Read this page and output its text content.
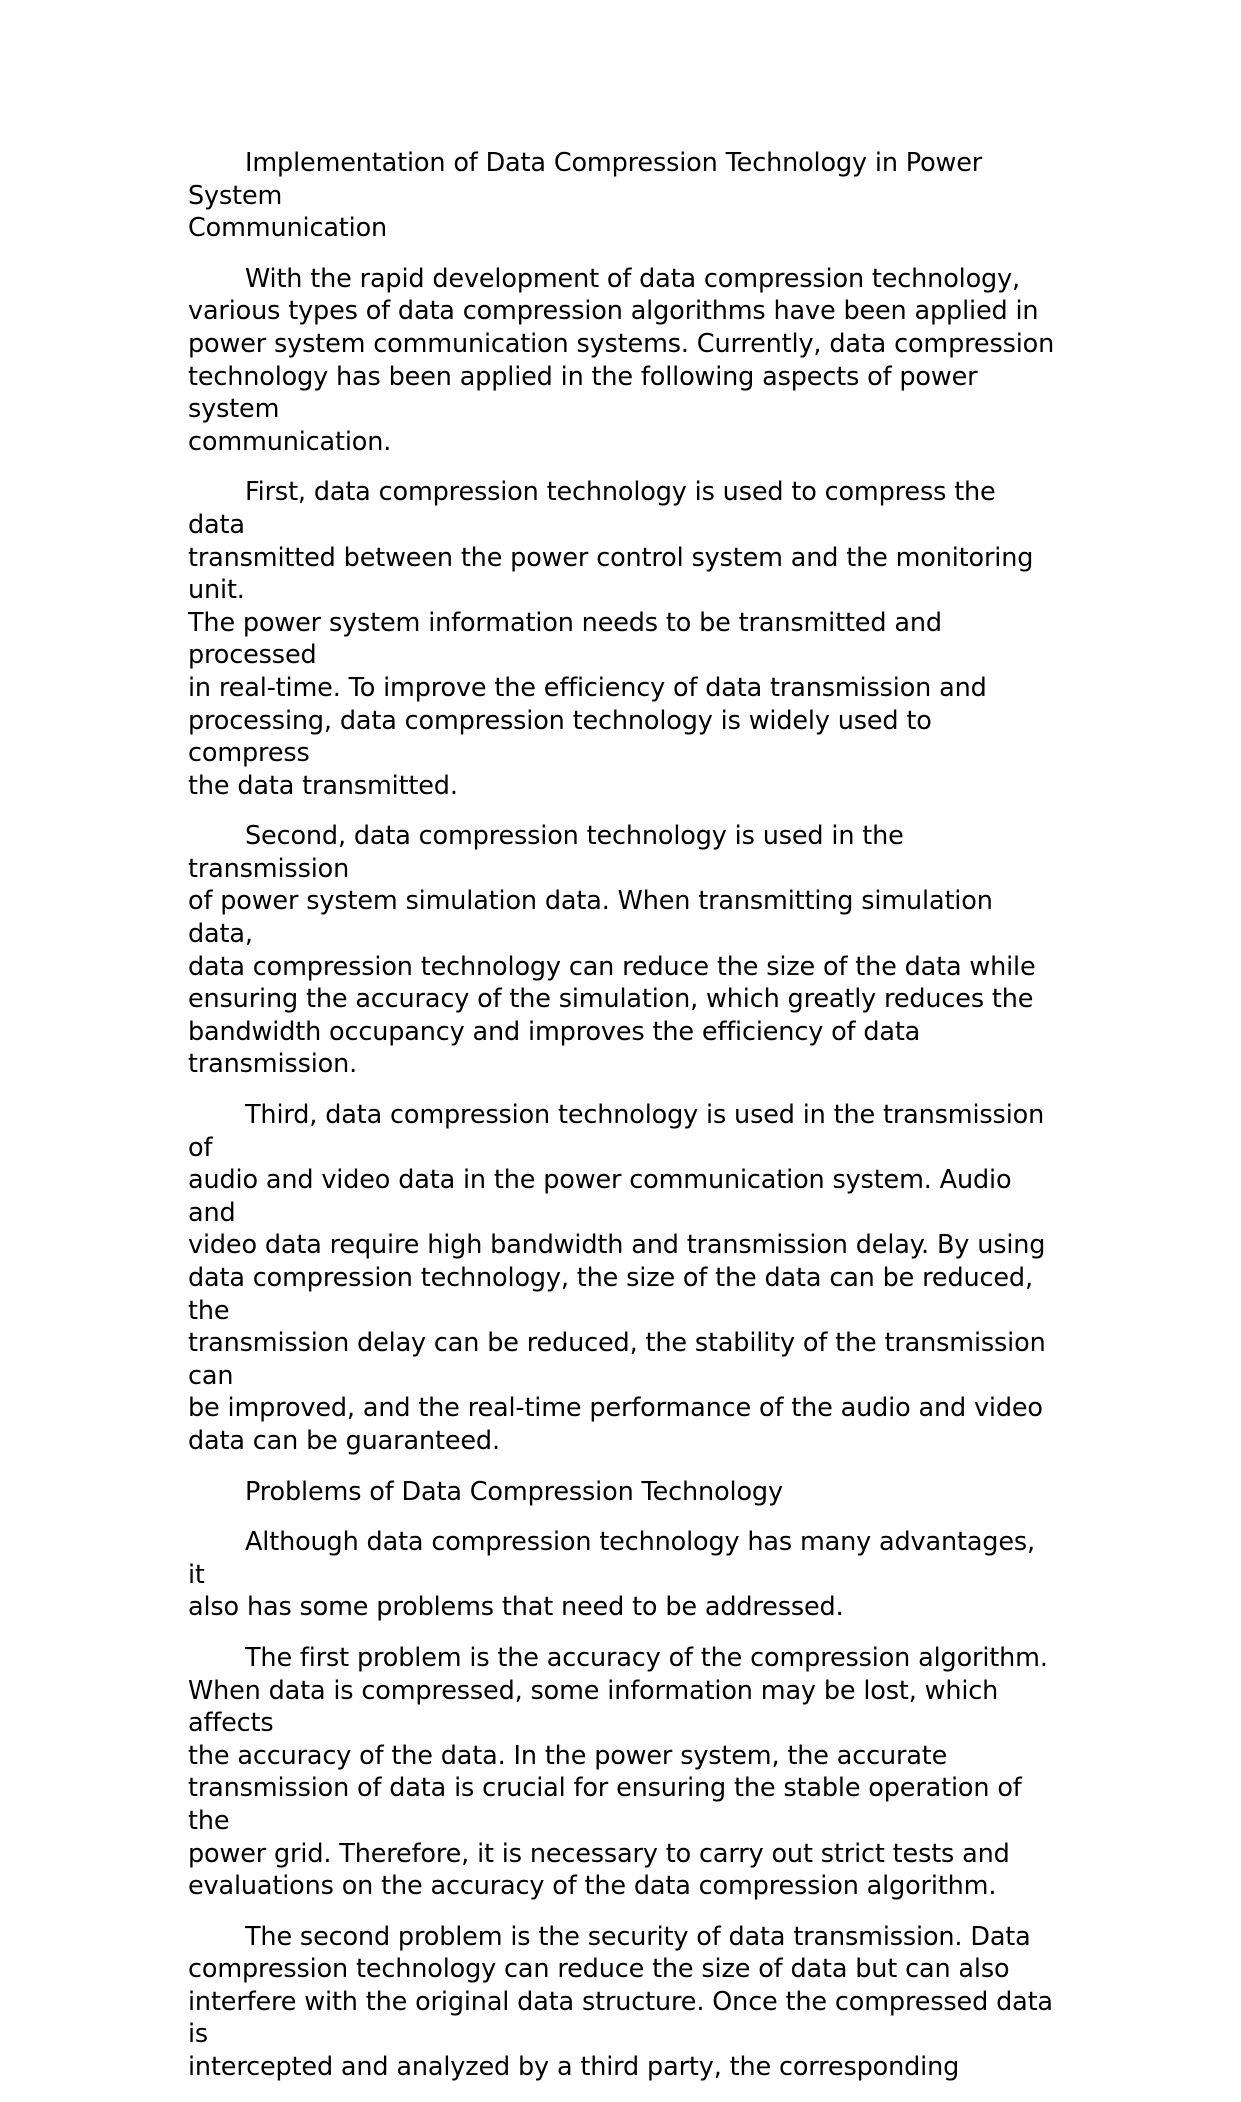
Implementation of Data Compression Technology in Power System
Communication

With the rapid development of data compression technology,
various types of data compression algorithms have been applied in
power system communication systems. Currently, data compression
technology has been applied in the following aspects of power system
communication.

First, data compression technology is used to compress the data
transmitted between the power control system and the monitoring unit.
The power system information needs to be transmitted and processed
in real-time. To improve the efficiency of data transmission and
processing, data compression technology is widely used to compress
the data transmitted.

Second, data compression technology is used in the transmission
of power system simulation data. When transmitting simulation data,
data compression technology can reduce the size of the data while
ensuring the accuracy of the simulation, which greatly reduces the
bandwidth occupancy and improves the efficiency of data transmission.

Third, data compression technology is used in the transmission of
audio and video data in the power communication system. Audio and
video data require high bandwidth and transmission delay. By using
data compression technology, the size of the data can be reduced, the
transmission delay can be reduced, the stability of the transmission can
be improved, and the real-time performance of the audio and video
data can be guaranteed.

Problems of Data Compression Technology

Although data compression technology has many advantages, it
also has some problems that need to be addressed.

The first problem is the accuracy of the compression algorithm.
When data is compressed, some information may be lost, which affects
the accuracy of the data. In the power system, the accurate
transmission of data is crucial for ensuring the stable operation of the
power grid. Therefore, it is necessary to carry out strict tests and
evaluations on the accuracy of the data compression algorithm.

The second problem is the security of data transmission. Data
compression technology can reduce the size of data but can also
interfere with the original data structure. Once the compressed data is
intercepted and analyzed by a third party, the corresponding
